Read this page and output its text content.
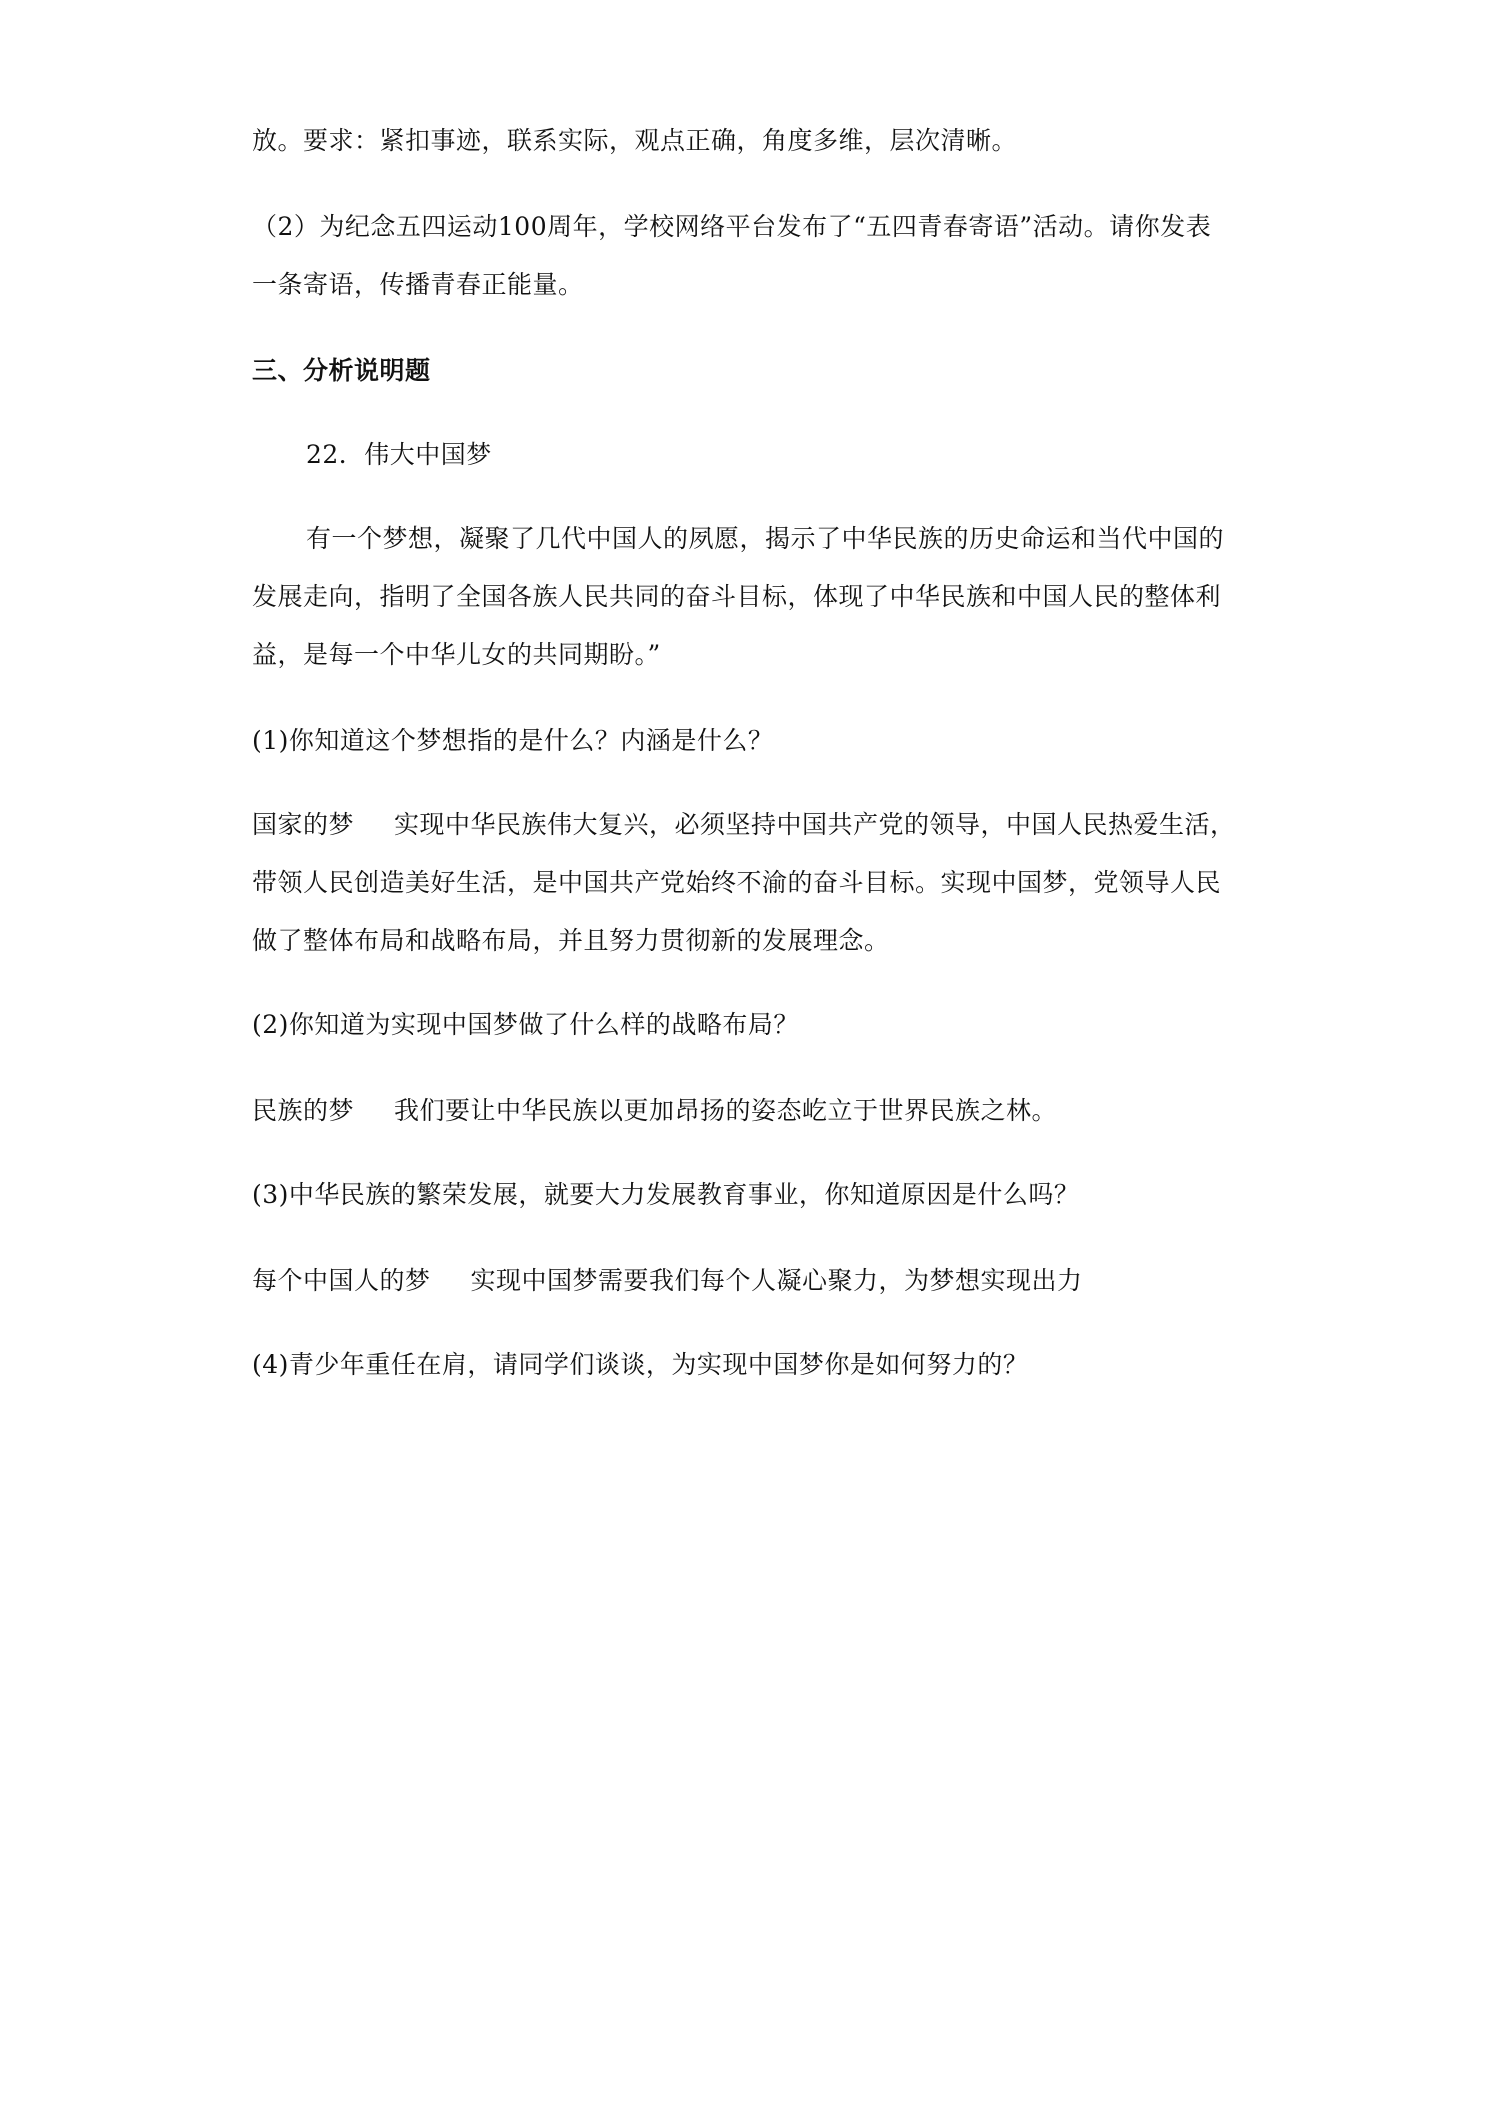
放。要求：紧扣事迹，联系实际，观点正确，角度多维，层次清晰。
（2）为纪念五四运动100周年，学校网络平台发布了“五四青春寄语”活动。请你发表
一条寄语，传播青春正能量。
三、分析说明题
22．伟大中国梦
有一个梦想，凝聚了几代中国人的夙愿，揭示了中华民族的历史命运和当代中国的
发展走向，指明了全国各族人民共同的奋斗目标，体现了中华民族和中国人民的整体利
益，是每一个中华儿女的共同期盼。”
(1)你知道这个梦想指的是什么？内涵是什么？
国家的梦 实现中华民族伟大复兴，必须坚持中国共产党的领导，中国人民热爱生活，
带领人民创造美好生活，是中国共产党始终不渝的奋斗目标。实现中国梦，党领导人民
做了整体布局和战略布局，并且努力贯彻新的发展理念。
(2)你知道为实现中国梦做了什么样的战略布局？
民族的梦 我们要让中华民族以更加昂扬的姿态屹立于世界民族之林。
(3)中华民族的繁荣发展，就要大力发展教育事业，你知道原因是什么吗？
每个中国人的梦 实现中国梦需要我们每个人凝心聚力，为梦想实现出力
(4)青少年重任在肩，请同学们谈谈，为实现中国梦你是如何努力的？
